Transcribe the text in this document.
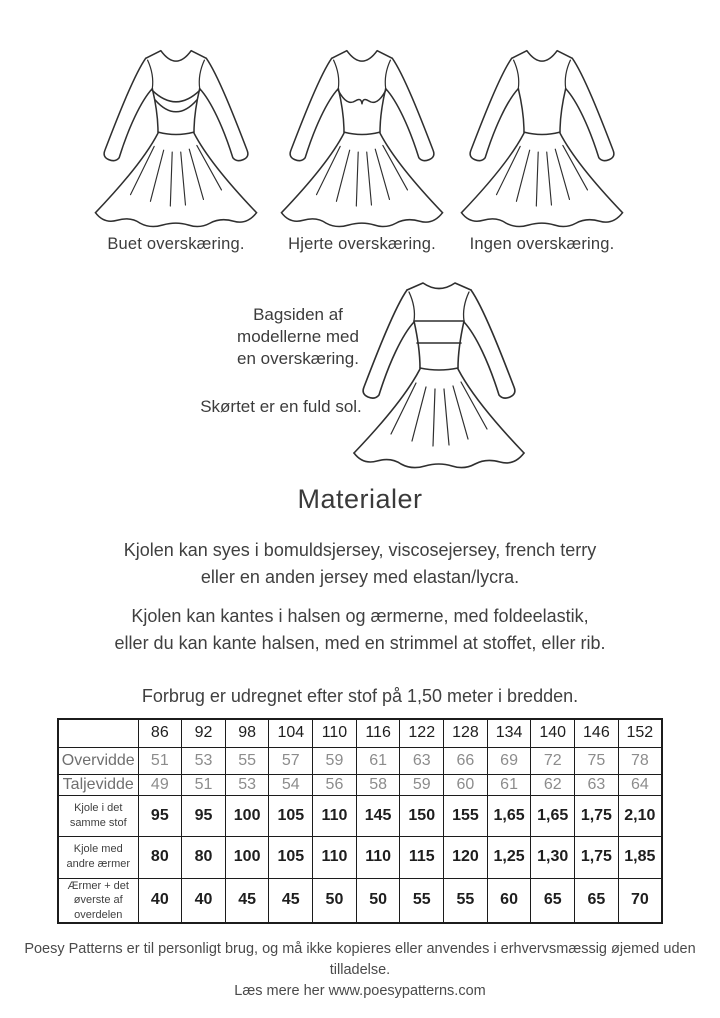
Buet overskæring.	Hjerte overskæring.	Ingen overskæring.
Bagsiden af
modellerne med
en overskæring.
Skørtet er en fuld sol.
Materialer
Kjolen kan syes i bomuldsjersey, viscosejersey, french terry
eller en anden jersey med elastan/lycra.
Kjolen kan kantes i halsen og ærmerne, med foldeelastik,
eller du kan kante halsen, med en strimmel at stoffet, eller rib.
Forbrug er udregnet efter stof på 1,50 meter i bredden.
	86	92	98	104	110	116	122	128	134	140	146	152

Overvidde	51	53	55	57	59	61	63	66	69	72	75	78

Taljevidde	49	51	53	54	56	58	59	60	61	62	63	64

Kjole i det
samme stof	95	95	100	105	110	145	150	155	1,65	1,65	1,75	2,10

Kjole med
andre ærmer	80	80	100	105	110	110	115	120	1,25	1,30	1,75	1,85

Ærmer + det
øverste af
overdelen	40	40	45	45	50	50	55	55	60	65	65	70
Poesy Patterns er til personligt brug, og må ikke kopieres eller anvendes i erhvervsmæssig øjemed uden tilladelse.
Læs mere her www.poesypatterns.com
